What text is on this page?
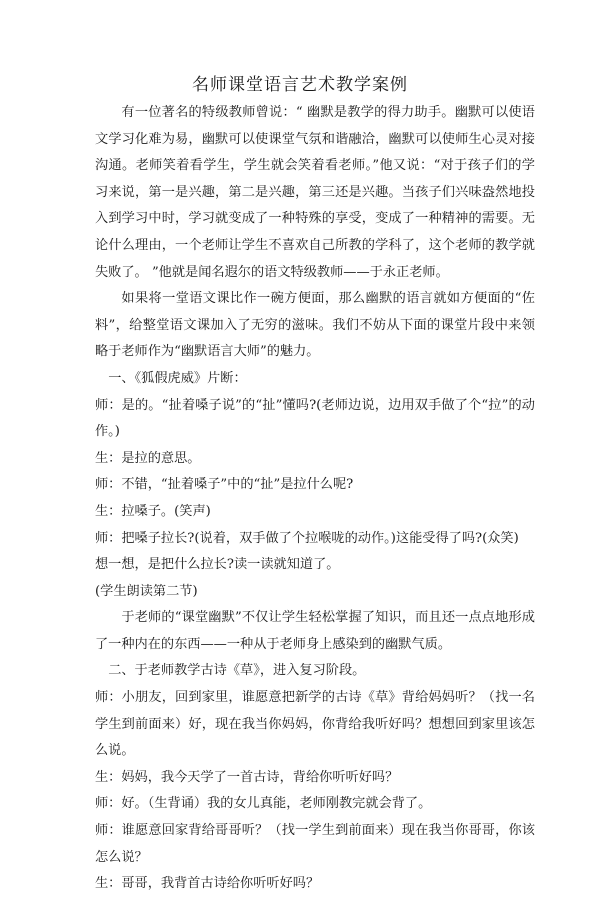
名师课堂语言艺术教学案例

有一位著名的特级教师曾说：“ 幽默是教学的得力助手。幽默可以使语文学习化难为易，幽默可以使课堂气氛和谐融洽，幽默可以使师生心灵对接沟通。老师笑着看学生，学生就会笑着看老师。”他又说：“对于孩子们的学习来说，第一是兴趣，第二是兴趣，第三还是兴趣。当孩子们兴味盎然地投入到学习中时，学习就变成了一种特殊的享受，变成了一种精神的需要。无论什么理由，一个老师让学生不喜欢自己所教的学科了，这个老师的教学就失败了。 ”他就是闻名遐尔的语文特级教师——于永正老师。

如果将一堂语文课比作一碗方便面，那么幽默的语言就如方便面的“佐料”，给整堂语文课加入了无穷的滋味。我们不妨从下面的课堂片段中来领略于老师作为“幽默语言大师”的魅力。

一、《狐假虎威》片断：

师：是的。“扯着嗓子说”的“扯”懂吗?(老师边说，边用双手做了个“拉”的动作。)

生：是拉的意思。

师：不错，“扯着嗓子”中的“扯”是拉什么呢?

生：拉嗓子。(笑声)

师：把嗓子拉长?(说着，双手做了个拉喉咙的动作。)这能受得了吗?(众笑)

想一想，是把什么拉长?读一读就知道了。

(学生朗读第二节)

于老师的“课堂幽默”不仅让学生轻松掌握了知识，而且还一点点地形成了一种内在的东西——一种从于老师身上感染到的幽默气质。

二、于老师教学古诗《草》，进入复习阶段。

师：小朋友，回到家里，谁愿意把新学的古诗《草》背给妈妈听？（找一名学生到前面来）好，现在我当你妈妈，你背给我听好吗？想想回到家里该怎么说。

生：妈妈，我今天学了一首古诗，背给你听听好吗？

师：好。（生背诵）我的女儿真能，老师刚教完就会背了。

师：谁愿意回家背给哥哥听？（找一学生到前面来）现在我当你哥哥，你该怎么说？

生：哥哥，我背首古诗给你听听好吗？
